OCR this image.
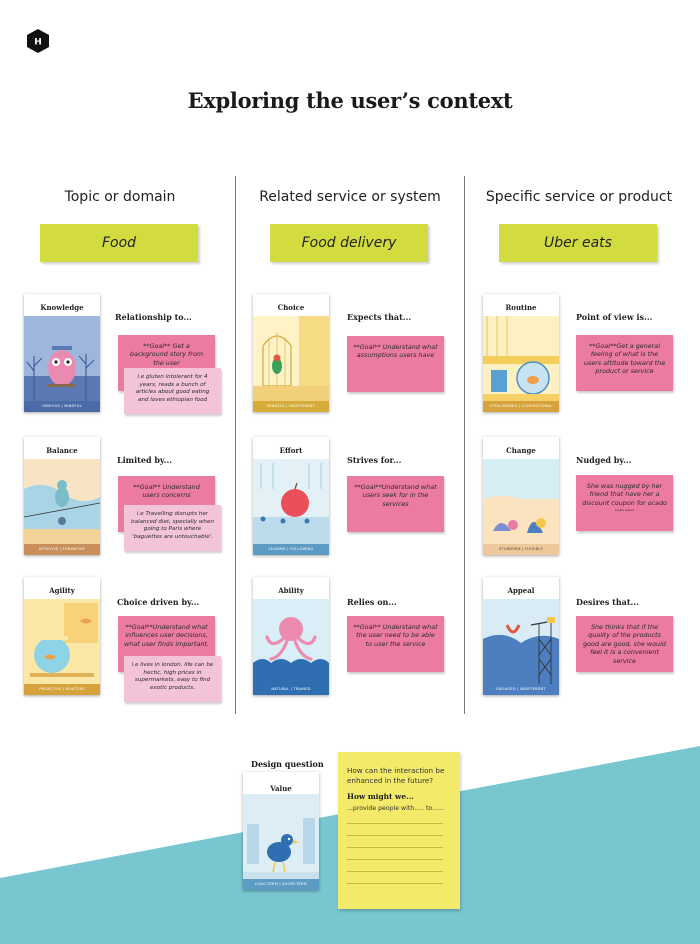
H
Exploring the user’s context
Topic or domain	Related service or system	Specific service or product
Food	Food delivery	Uber eats
Knowledge
OBVIOUS | MINDFUL
Relationship to...
**Goal** Get a background story from the user
i.e gluten intolerant for 4 years, reads a bunch of articles about good eating and loves ethiopian food
Balance
INTUITIVE | FORMATIVE
Limited by...
**Goal** Understand users concerns
i.e Travelling disrupts her balanced diet, specially when going to Paris where 'baguettes are untouchable'.
Agility
PROACTIVE | REACTIVE
Choice driven by...
**Goal**Understand what influences user decisions, what user finds important.
i.e lives in london, life can be hectic, high prices in supermarkets, easy to find exotic products.
Choice
MINDFUL | INDIFFERENT
Expects that...
**Goal** Understand what assumptions users have
Effort
LEADING | FOLLOWING
Strives for...
**Goal**Understand what users seek for in the services
Ability
NATURAL | TRAINED
Relies on...
**Goal** Understand what the user need to be able to user the service
Routine
OPEN-MINDED | CONVENTIONAL
Point of view is...
**Goal**Get a general feeling of what is the users attitude toward the product or service
Change
STUBBORN | FLEXIBLE
Nudged by...
She was nugged by her friend that have her a discount coupon for ocado
Lorem ipsum
Appeal
ENGAGED | INDIFFERENT
Desires that...
She thinks that if the quality of the products good are good, she would feel it is a convenient service
Design question
Value
LONG-TERM | SHORT-TERM
How can the interaction be enhanced in the future?
How might we...
...provide people with..... to......
